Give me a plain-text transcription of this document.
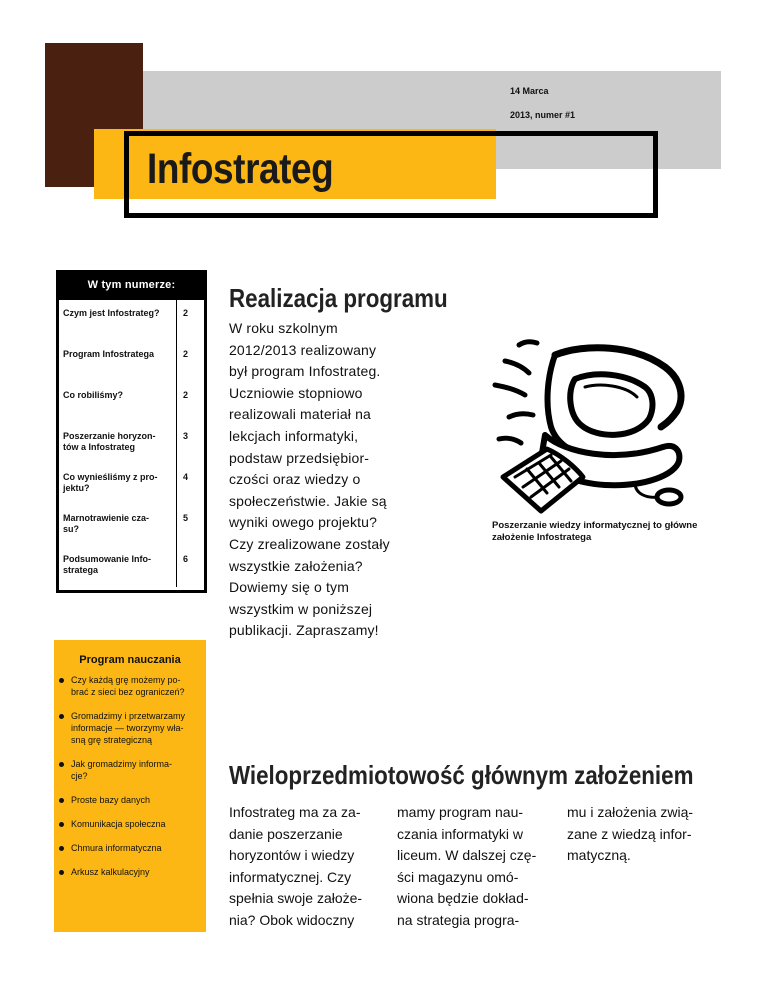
Infostrateg
14 Marca
2013, numer #1
W tym numerze:
Czym jest Infostrateg?	2
Program Infostratega	2
Co robiliśmy?	2

Poszerzanie horyzon-
tów a Infostrateg	3

Co wynieśliśmy z pro-
jektu?	4

Marnotrawienie cza-
su?	5

Podsumowanie Info-
stratega	6
Realizacja programu
W roku szkolnym
2012/2013 realizowany
był program Infostrateg.
Uczniowie stopniowo
realizowali materiał na
lekcjach informatyki,
podstaw przedsiębior-
czości oraz wiedzy o
społeczeństwie. Jakie są
wyniki owego projektu?
Czy zrealizowane zostały
wszystkie założenia?
Dowiemy się o tym
wszystkim w poniższej
publikacji. Zapraszamy!
Poszerzanie wiedzy informatycznej to główne
założenie Infostratega
Program nauczania
Czy każdą grę możemy po-
brać z sieci bez ograniczeń?
Gromadzimy i przetwarzamy
informacje — tworzymy wła-
sną grę strategiczną
Jak gromadzimy informa-
cje?
Proste bazy danych
Komunikacja społeczna
Chmura informatyczna
Arkusz kalkulacyjny
Wieloprzedmiotowość głównym założeniem
Infostrateg ma za za-
danie poszerzanie
horyzontów i wiedzy
informatycznej. Czy
spełnia swoje założe-
nia? Obok widoczny
mamy program nau-
czania informatyki w
liceum. W dalszej czę-
ści magazynu omó-
wiona będzie dokład-
na strategia progra-
mu i założenia zwią-
zane z wiedzą infor-
matyczną.
